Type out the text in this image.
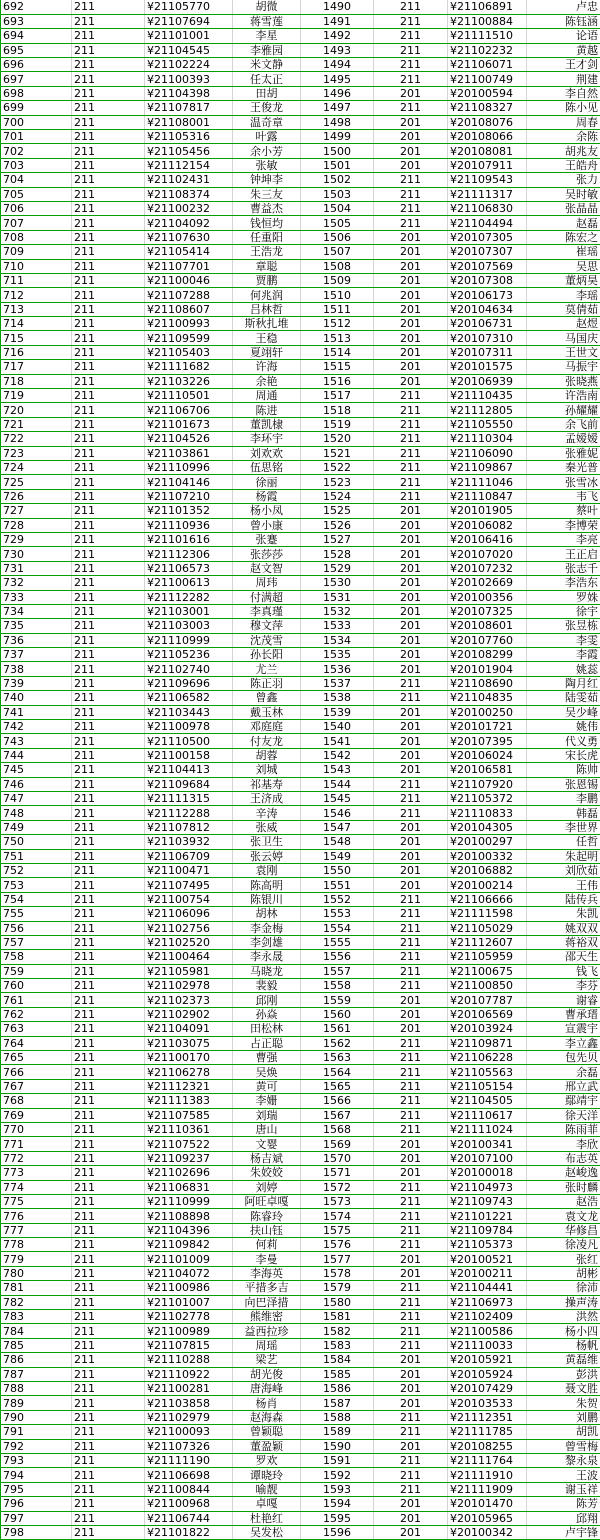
692	211	¥21105770	胡微	1490	211	¥21106891	卢忠
693	211	¥21107694	蒋雪莲	1491	211	¥21100884	陈钰涵
694	211	¥21101001	李星	1492	211	¥21111510	论语
695	211	¥21104545	李雅园	1493	211	¥21102232	黄越
696	211	¥21102224	米文静	1494	211	¥21106071	王才剑
697	211	¥21100393	任太正	1495	211	¥21100749	荆建
698	211	¥21104398	田胡	1496	201	¥20100594	李自然
699	211	¥21107817	王俊龙	1497	211	¥21108327	陈小见
700	211	¥21108001	温奇章	1498	201	¥20108076	周春
701	211	¥21105316	叶露	1499	201	¥20108066	余陈
702	211	¥21105456	余小芳	1500	201	¥20108081	胡兆友
703	211	¥21112154	张敏	1501	201	¥20107911	王皓舟
704	211	¥21102431	钟坤李	1502	211	¥21109543	张力
705	211	¥21108374	朱三友	1503	211	¥21111317	吴时敏
706	211	¥21100232	曹益杰	1504	211	¥21106830	张晶晶
707	211	¥21104092	钱恒均	1505	211	¥21104494	赵磊
708	211	¥21107630	任重阳	1506	201	¥20107305	陈宏之
709	211	¥21105414	王浩龙	1507	201	¥20107307	崔瑶
710	211	¥21107701	章聪	1508	201	¥20107569	吴思
711	211	¥21100046	贾鹏	1509	201	¥20107308	董炳昊
712	211	¥21107288	何兆润	1510	201	¥20106173	李瑶
713	211	¥21108607	吕林哲	1511	201	¥20104634	莫倩茹
714	211	¥21100993	斯秋扎堆	1512	201	¥20106731	赵煜
715	211	¥21109599	王稳	1513	201	¥20107310	马国庆
716	211	¥21105403	夏翊轩	1514	201	¥20107311	王世文
717	211	¥21111682	许海	1515	201	¥20101575	马振宇
718	211	¥21103226	余艳	1516	201	¥20106939	张晓燕
719	211	¥21110501	周通	1517	211	¥21110435	许浩南
720	211	¥21106706	陈进	1518	211	¥21112805	孙耀耀
721	211	¥21101673	董凯棣	1519	211	¥21105550	余飞前
722	211	¥21104526	李环宇	1520	211	¥21110304	孟嫒嫒
723	211	¥21103861	刘欢欢	1521	211	¥21106090	张雅妮
724	211	¥21110996	伍思铭	1522	211	¥21109867	秦光普
725	211	¥21104146	徐丽	1523	211	¥21111046	张雪冰
726	211	¥21107210	杨霞	1524	211	¥21110847	韦飞
727	211	¥21101352	杨小凤	1525	201	¥20101905	蔡叶
728	211	¥21110936	曾小康	1526	201	¥20106082	李博荣
729	211	¥21101616	张蹇	1527	201	¥20106416	李亮
730	211	¥21112306	张莎莎	1528	201	¥20107020	王正启
731	211	¥21106573	赵文智	1529	201	¥20107232	张志千
732	211	¥21100613	周玮	1530	201	¥20102669	李浩东
733	211	¥21112282	付满超	1531	201	¥20100356	罗姝
734	211	¥21103001	李真瑾	1532	201	¥20107325	徐宇
735	211	¥21103003	穆文萍	1533	201	¥20108601	张昱栋
736	211	¥21110999	沈茂雪	1534	201	¥20107760	李雯
737	211	¥21105236	孙长阳	1535	201	¥20108299	李霞
738	211	¥21102740	尤兰	1536	201	¥20101904	姚蕊
739	211	¥21109696	陈正羽	1537	211	¥21108690	陶月红
740	211	¥21106582	曾鑫	1538	211	¥21104835	陆雯茹
741	211	¥21103443	戴玉林	1539	201	¥20100250	吴少峰
742	211	¥21100978	邓庭庭	1540	201	¥20101721	姚伟
743	211	¥21110500	付友龙	1541	201	¥20107395	代义勇
744	211	¥21100158	胡蓉	1542	201	¥20106024	宋长虎
745	211	¥21104413	刘城	1543	201	¥20106581	陈帅
746	211	¥21109684	祁基寿	1544	211	¥21107920	张恩锡
747	211	¥21111315	王济成	1545	211	¥21105372	李鹏
748	211	¥21112288	辛涛	1546	211	¥21110833	韩磊
749	211	¥21107812	张威	1547	201	¥20104305	李世界
750	211	¥21103932	张卫生	1548	201	¥20100297	任哲
751	211	¥21106709	张云婷	1549	201	¥20100332	朱起明
752	211	¥21100471	袁刚	1550	201	¥20106882	刘欣茹
753	211	¥21107495	陈高明	1551	201	¥20100214	王伟
754	211	¥21100754	陈银川	1552	211	¥21106666	陆传兵
755	211	¥21106096	胡林	1553	211	¥21111598	朱凯
756	211	¥21102756	李金梅	1554	211	¥21105029	姚双双
757	211	¥21102520	李剑雄	1555	211	¥21112607	蒋裕双
758	211	¥21100464	李永晟	1556	211	¥21105959	邵天生
759	211	¥21105981	马晓龙	1557	211	¥21100675	钱飞
760	211	¥21102978	裴毅	1558	211	¥21100850	李芬
761	211	¥21102373	邱刚	1559	201	¥20107787	谢睿
762	211	¥21102902	孙焱	1560	201	¥20106569	曹承瑨
763	211	¥21104091	田松林	1561	201	¥20103924	宣震宇
764	211	¥21103075	占正聪	1562	211	¥21109871	李立鑫
765	211	¥21100170	曹强	1563	211	¥21106228	包先贝
766	211	¥21106278	吴焕	1564	211	¥21105563	余磊
767	211	¥21112321	黄可	1565	211	¥21105154	邢立武
768	211	¥21111383	李姗	1566	211	¥21104505	鄢靖宇
769	211	¥21107585	刘瑞	1567	211	¥21110617	徐天洋
770	211	¥21110361	唐山	1568	211	¥21111024	陈雨菲
771	211	¥21107522	文婴	1569	201	¥20100341	李欣
772	211	¥21109237	杨吉斌	1570	201	¥20107100	布志英
773	211	¥21102696	朱姣姣	1571	201	¥20100018	赵峻逸
774	211	¥21106831	刘婷	1572	211	¥21104973	张时麟
775	211	¥21110999	阿旺卓嘎	1573	211	¥21109743	赵浩
776	211	¥21108898	陈睿玲	1574	211	¥21101221	袁文龙
777	211	¥21104396	扶山钰	1575	211	¥21109784	华修昌
778	211	¥21109842	何莉	1576	211	¥21105373	徐凌凡
779	211	¥21101009	李曼	1577	201	¥20100521	张红
780	211	¥21104072	李海英	1578	201	¥20100211	胡彬
781	211	¥21100986	平措多吉	1579	211	¥21104441	徐沛
782	211	¥21101007	向巴泽措	1580	211	¥21106973	操声涛
783	211	¥21102778	熊维密	1581	211	¥21102409	洪然
784	211	¥21100989	益西拉珍	1582	211	¥21100586	杨小四
785	211	¥21107815	周瑶	1583	211	¥21110033	杨帆
786	211	¥21110288	梁艺	1584	201	¥20105921	黄磊维
787	211	¥21110922	胡光俊	1585	201	¥20105924	彭洪
788	211	¥21100281	唐海峰	1586	201	¥20107429	聂文胜
789	211	¥21103858	杨肖	1587	201	¥20103533	朱贺
790	211	¥21102979	赵海森	1588	211	¥21112351	刘鹏
791	211	¥21100093	曾颖聪	1589	211	¥21111785	胡凯
792	211	¥21107326	董盈颖	1590	201	¥20108255	曾雪梅
793	211	¥21111190	罗欢	1591	211	¥21111764	黎永泉
794	211	¥21106698	谭晓玲	1592	211	¥21111910	王波
795	211	¥21100844	喻靓	1593	211	¥21111909	谢玉祥
796	211	¥21100968	卓嘎	1594	201	¥20101470	陈芳
797	211	¥21106744	杜艳红	1595	201	¥20105965	邱翔
798	211	¥21101822	吴发松	1596	201	¥20100342	卢宇锋
